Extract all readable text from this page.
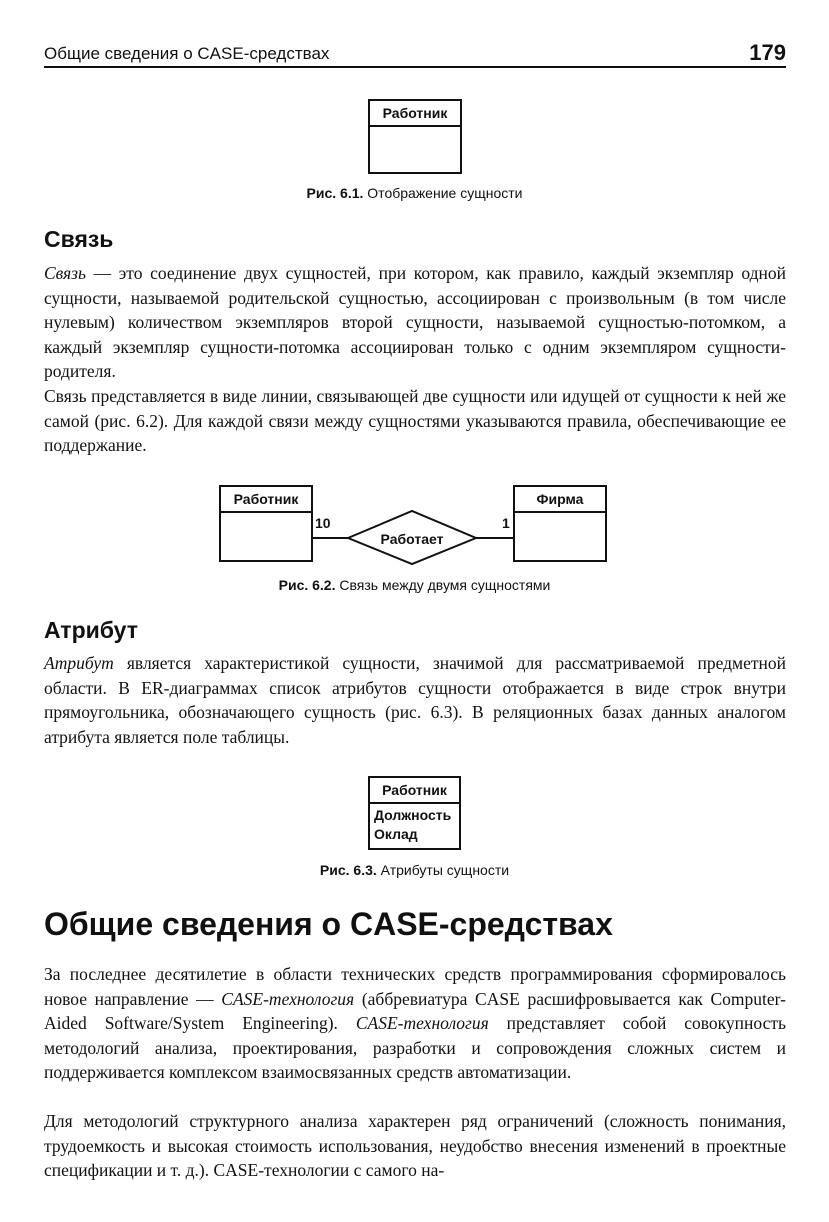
Общие сведения о CASE-средствах	179
Работник
Рис. 6.1. Отображение сущности
Связь

Связь — это соединение двух сущностей, при котором, как правило, каждый экземпляр одной сущности, называемой родительской сущностью, ассоциирован с произвольным (в том числе нулевым) количеством экземпляров второй сущности, называемой сущностью-потомком, а каждый экземпляр сущности-потомка ассоциирован только с одним экземпляром сущности-родителя.

Связь представляется в виде линии, связывающей две сущности или идущей от сущности к ней же самой (рис. 6.2). Для каждой связи между сущностями указываются правила, обеспечивающие ее поддержание.

Работает
10	1
Работник	Фирма
Рис. 6.2. Связь между двумя сущностями
Атрибут

Атрибут является характеристикой сущности, значимой для рассматриваемой предметной области. В ER-диаграммах список атрибутов сущности отображается в виде строк внутри прямоугольника, обозначающего сущность (рис. 6.3). В реляционных базах данных аналогом атрибута является поле таблицы.

Работник
Должность
Оклад
Рис. 6.3. Атрибуты сущности
Общие сведения о CASE-средствах

За последнее десятилетие в области технических средств программирования сформировалось новое направление — CASE-технология (аббревиатура CASE расшифровывается как Computer-Aided Software/System Engineering). CASE-технология представляет собой совокупность методологий анализа, проектирования, разработки и сопровождения сложных систем и поддерживается комплексом взаимосвязанных средств автоматизации.

Для методологий структурного анализа характерен ряд ограничений (сложность понимания, трудоемкость и высокая стоимость использования, неудобство внесения изменений в проектные спецификации и т. д.). CASE-технологии с самого на-
